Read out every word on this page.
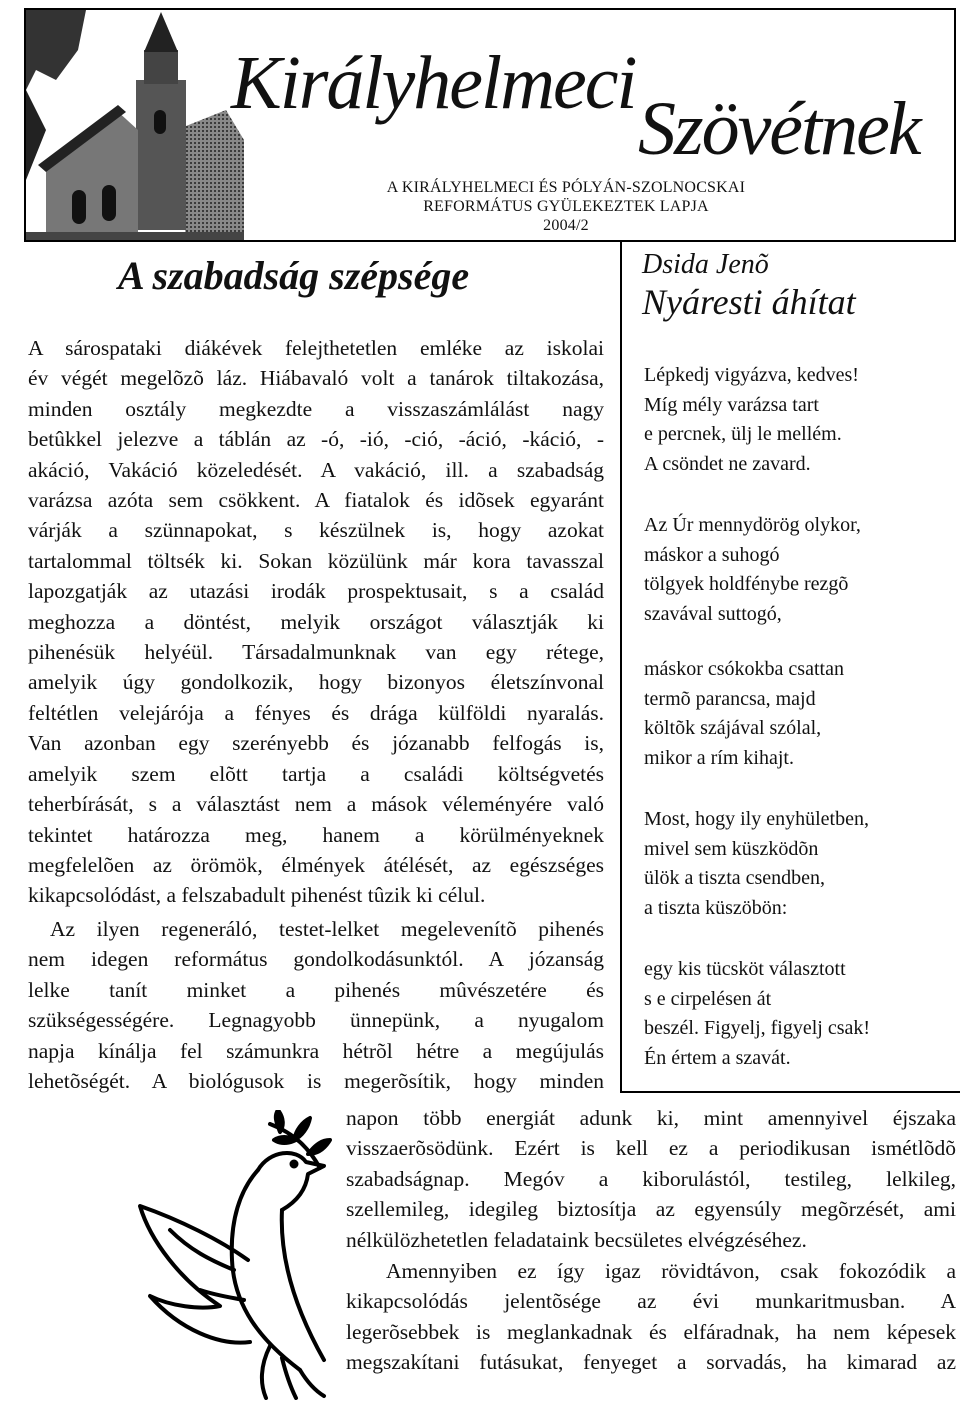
Királyhelmeci
Szövétnek
A KIRÁLYHELMECI ÉS PÓLYÁN-SZOLNOCSKAI
REFORMÁTUS GYÜLEKEZTEK LAPJA
2004/2
A szabadság szépsége
A sárospataki diákévek felejthetetlen emléke az iskolai
év végét megelõzõ láz. Hiábavaló volt a tanárok tiltakozása,
minden osztály megkezdte a visszaszámlálást nagy
betûkkel jelezve a táblán az -ó, -ió, -ció, -áció, -káció, -
akáció, Vakáció közeledését. A vakáció, ill. a szabadság
varázsa azóta sem csökkent. A fiatalok és idõsek egyaránt
várják a szünnapokat, s készülnek is, hogy azokat
tartalommal töltsék ki. Sokan közülünk már kora tavasszal
lapozgatják az utazási irodák prospektusait, s a család
meghozza a döntést, melyik országot választják ki
pihenésük helyéül. Társadalmunknak van egy rétege,
amelyik úgy gondolkozik, hogy bizonyos életszínvonal
feltétlen velejárója a fényes és drága külföldi nyaralás.
Van azonban egy szerényebb és józanabb felfogás is,
amelyik szem elõtt tartja a családi költségvetés
teherbírását, s a választást nem a mások véleményére való
tekintet határozza meg, hanem a körülményeknek
megfelelõen az örömök, élmények átélését, az egészséges
kikapcsolódást, a felszabadult pihenést tûzik ki célul.
Az ilyen regeneráló, testet-lelket megelevenítõ pihenés
nem idegen református gondolkodásunktól. A józanság
lelke tanít minket a pihenés mûvészetére és
szükségességére. Legnagyobb ünnepünk, a nyugalom
napja kínálja fel számunkra hétrõl hétre a megújulás
lehetõségét. A biológusok is megerõsítik, hogy minden
napon több energiát adunk ki, mint amennyivel éjszaka
visszaerõsödünk. Ezért is kell ez a periodikusan ismétlõdõ
szabadságnap. Megóv a kiborulástól, testileg, lelkileg,
szellemileg, idegileg biztosítja az egyensúly megõrzését, ami
nélkülözhetetlen feladataink becsületes elvégzéséhez.
Amennyiben ez így igaz rövidtávon, csak fokozódik a
kikapcsolódás jelentõsége az évi munkaritmusban. A
legerõsebbek is meglankadnak és elfáradnak, ha nem képesek
megszakítani futásukat, fenyeget a sorvadás, ha kimarad az
Dsida Jenõ
Nyáresti áhítat
Lépkedj vigyázva, kedves!
Míg mély varázsa tart
e percnek, ülj le mellém.
A csöndet ne zavard.
Az Úr mennydörög olykor,
máskor a suhogó
tölgyek holdfénybe rezgõ
szavával suttogó,
máskor csókokba csattan
termõ parancsa, majd
költõk szájával szólal,
mikor a rím kihajt.
Most, hogy ily enyhületben,
mivel sem küszködõn
ülök a tiszta csendben,
a tiszta küszöbön:
egy kis tücsköt választott
s e cirpelésen át
beszél. Figyelj, figyelj csak!
Én értem a szavát.
